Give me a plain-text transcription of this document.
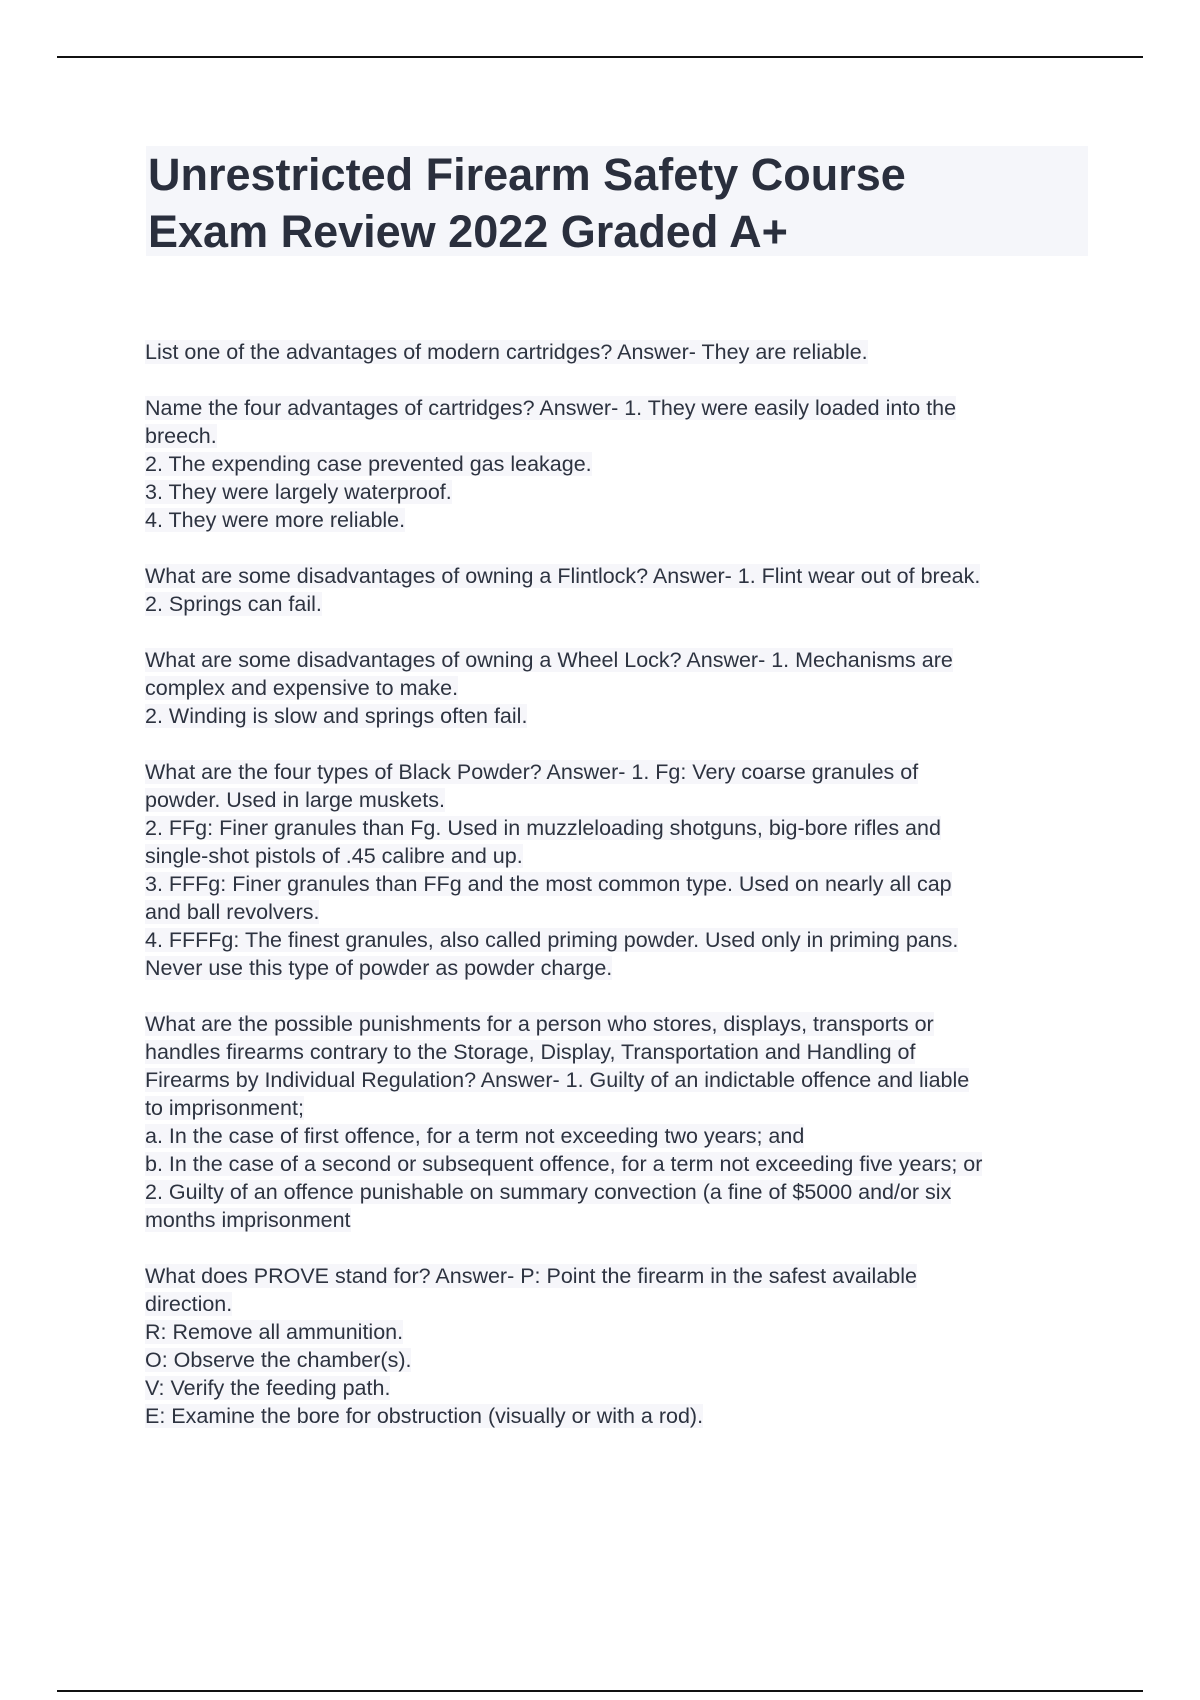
Unrestricted Firearm Safety Course
Exam Review 2022 Graded A+
List one of the advantages of modern cartridges? Answer- They are reliable.
Name the four advantages of cartridges? Answer- 1. They were easily loaded into the
breech.
2. The expending case prevented gas leakage.
3. They were largely waterproof.
4. They were more reliable.
What are some disadvantages of owning a Flintlock? Answer- 1. Flint wear out of break.
2. Springs can fail.
What are some disadvantages of owning a Wheel Lock? Answer- 1. Mechanisms are
complex and expensive to make.
2. Winding is slow and springs often fail.
What are the four types of Black Powder? Answer- 1. Fg: Very coarse granules of
powder. Used in large muskets.
2. FFg: Finer granules than Fg. Used in muzzleloading shotguns, big-bore rifles and
single-shot pistols of .45 calibre and up.
3. FFFg: Finer granules than FFg and the most common type. Used on nearly all cap
and ball revolvers.
4. FFFFg: The finest granules, also called priming powder. Used only in priming pans.
Never use this type of powder as powder charge.
What are the possible punishments for a person who stores, displays, transports or
handles firearms contrary to the Storage, Display, Transportation and Handling of
Firearms by Individual Regulation? Answer- 1. Guilty of an indictable offence and liable
to imprisonment;
a. In the case of first offence, for a term not exceeding two years; and
b. In the case of a second or subsequent offence, for a term not exceeding five years; or
2. Guilty of an offence punishable on summary convection (a fine of $5000 and/or six
months imprisonment
What does PROVE stand for? Answer- P: Point the firearm in the safest available
direction.
R: Remove all ammunition.
O: Observe the chamber(s).
V: Verify the feeding path.
E: Examine the bore for obstruction (visually or with a rod).
